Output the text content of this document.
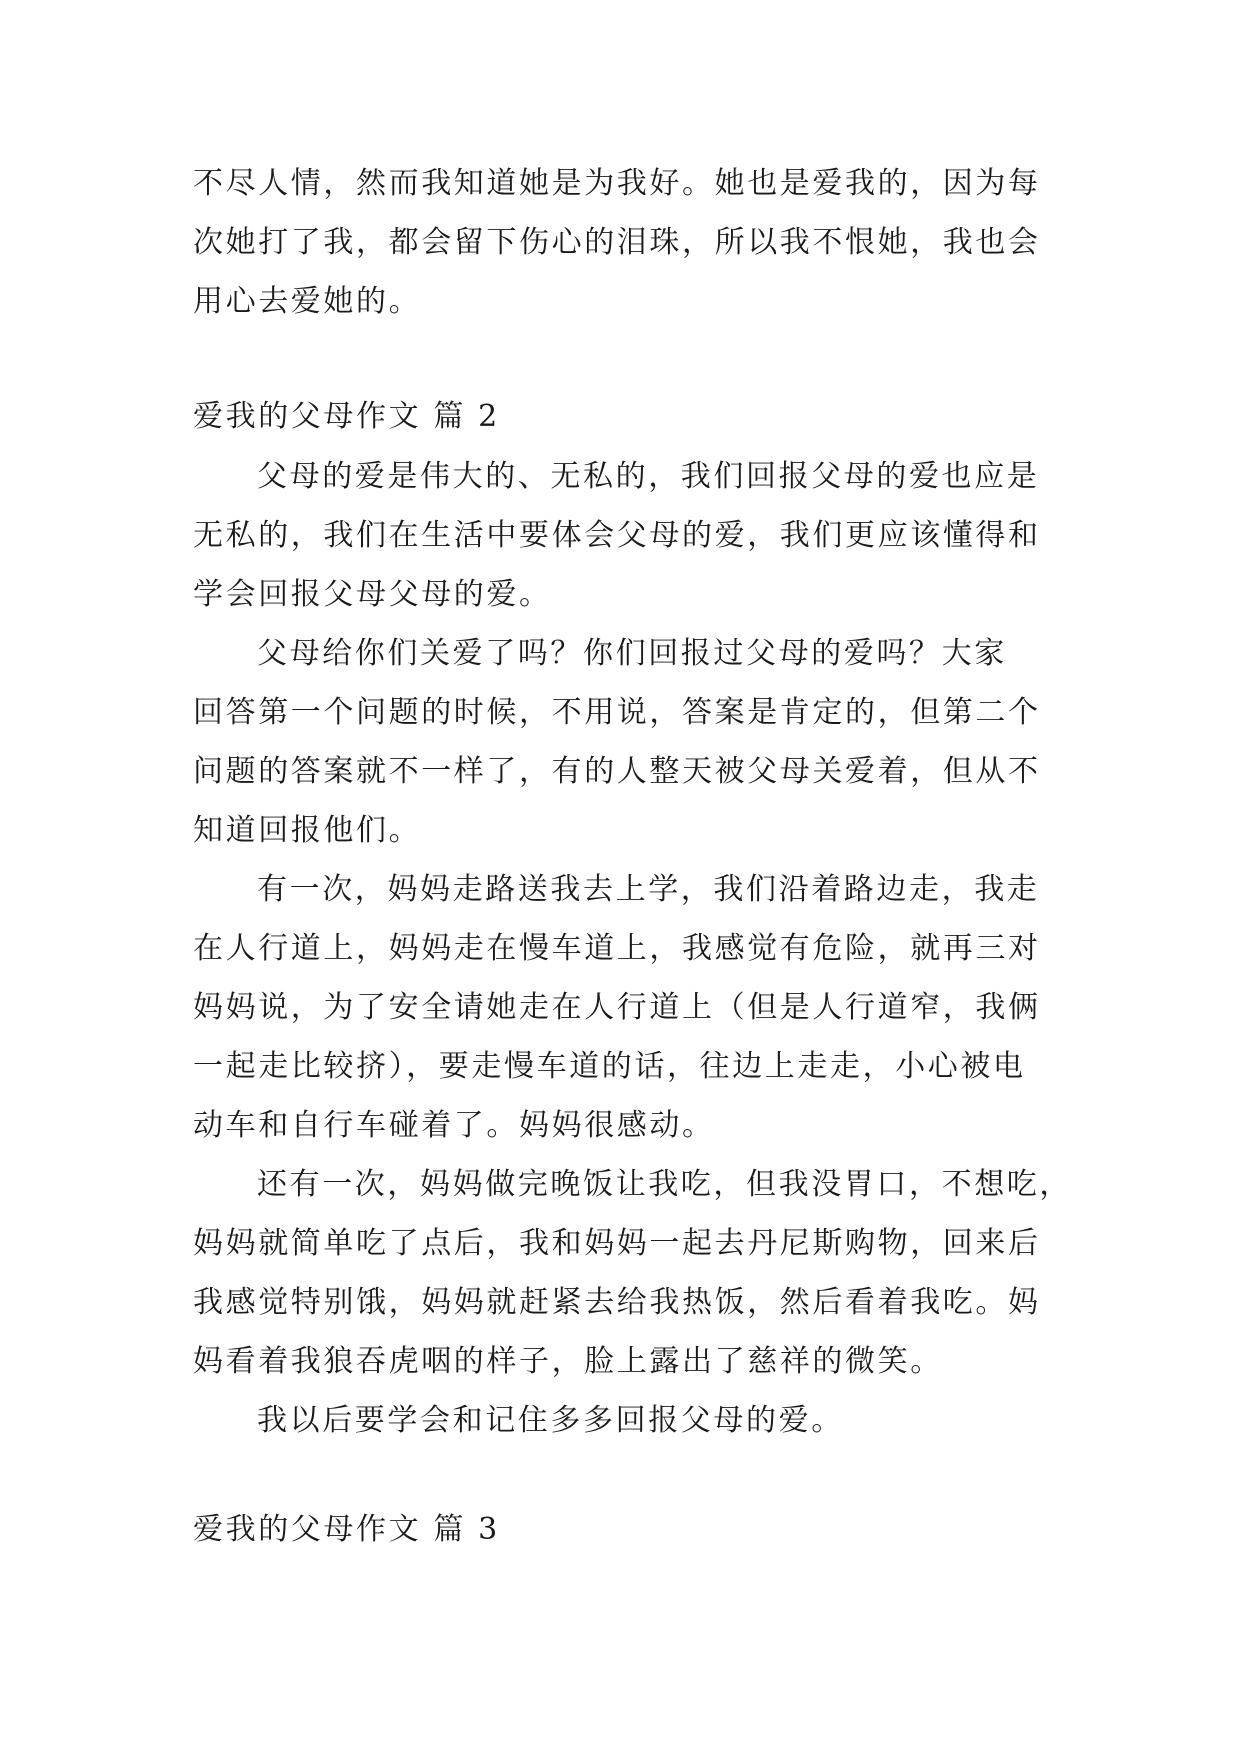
不尽人情，然而我知道她是为我好。她也是爱我的，因为每
次她打了我，都会留下伤心的泪珠，所以我不恨她，我也会
用心去爱她的。
爱我的父母作文 篇 2
父母的爱是伟大的、无私的，我们回报父母的爱也应是
无私的，我们在生活中要体会父母的爱，我们更应该懂得和
学会回报父母父母的爱。
父母给你们关爱了吗？你们回报过父母的爱吗？大家
回答第一个问题的时候，不用说，答案是肯定的，但第二个
问题的答案就不一样了，有的人整天被父母关爱着，但从不
知道回报他们。
有一次，妈妈走路送我去上学，我们沿着路边走，我走
在人行道上，妈妈走在慢车道上，我感觉有危险，就再三对
妈妈说，为了安全请她走在人行道上（但是人行道窄，我俩
一起走比较挤），要走慢车道的话，往边上走走，小心被电
动车和自行车碰着了。妈妈很感动。
还有一次，妈妈做完晚饭让我吃，但我没胃口，不想吃，
妈妈就简单吃了点后，我和妈妈一起去丹尼斯购物，回来后
我感觉特别饿，妈妈就赶紧去给我热饭，然后看着我吃。妈
妈看着我狼吞虎咽的样子，脸上露出了慈祥的微笑。
我以后要学会和记住多多回报父母的爱。
爱我的父母作文 篇 3
